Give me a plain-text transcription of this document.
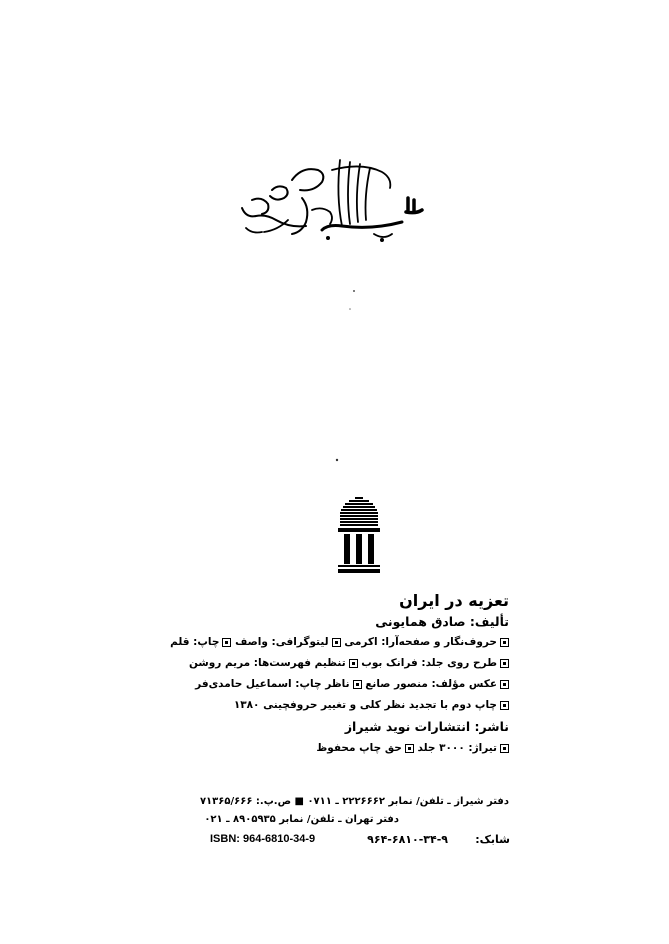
تعزیه در ایران
تألیف: صادق همایونی
حروف‌نگار و صفحه‌آرا: اکرمی لیتوگرافی: واصف چاپ: قلم
طرح روی جلد: فرانک بوب تنظیم فهرست‌ها: مریم روشن
عکس مؤلف: منصور صانع ناظر چاپ: اسماعیل حامدی‌فر
چاپ دوم با تجدید نظر کلی و تغییر حروفچینی ۱۳۸۰
ناشر: انتشارات نوید شیراز
تیراژ: ۳۰۰۰ جلد حق چاپ محفوظ
دفتر شیراز ـ تلفن/ نمابر ۲۲۲۶۶۶۲ ـ ۰۷۱۱ ■ ص.پ.: ۷۱۳۶۵/۶۶۶
دفتر تهران ـ تلفن/ نمابر ۸۹۰۵۹۳۵ ـ ۰۲۱
شابک:
۹۶۴-۶۸۱۰-۳۴-۹
ISBN: 964-6810-34-9
